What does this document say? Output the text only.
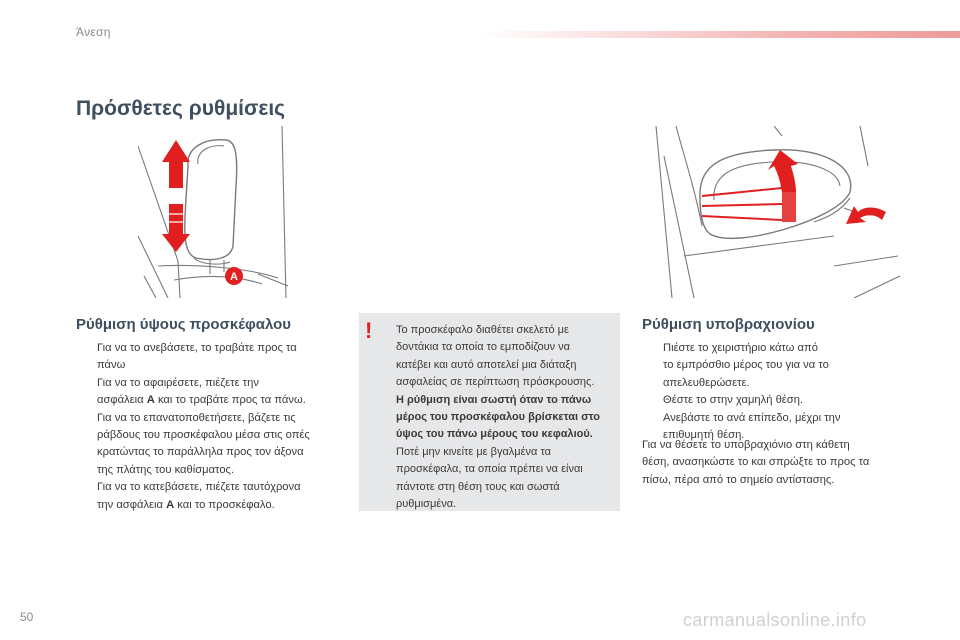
Άνεση
Πρόσθετες ρυθμίσεις
A
Ρύθμιση ύψους προσκέφαλου
Για να το ανεβάσετε, το τραβάτε προς τα
πάνω
Για να το αφαιρέσετε, πιέζετε την
ασφάλεια A και το τραβάτε προς τα πάνω.
Για να το επανατοποθετήσετε, βάζετε τις
ράβδους του προσκέφαλου μέσα στις οπές
κρατώντας το παράλληλα προς τον άξονα
της πλάτης του καθίσματος.
Για να το κατεβάσετε, πιέζετε ταυτόχρονα
την ασφάλεια A και το προσκέφαλο.
! Το προσκέφαλο διαθέτει σκελετό με
δοντάκια τα οποία το εμποδίζουν να
κατέβει και αυτό αποτελεί μια διάταξη
ασφαλείας σε περίπτωση πρόσκρουσης.
Η ρύθμιση είναι σωστή όταν το πάνω
μέρος του προσκέφαλου βρίσκεται στο
ύψος του πάνω μέρους του κεφαλιού.
Ποτέ μην κινείτε με βγαλμένα τα
προσκέφαλα, τα οποία πρέπει να είναι
πάντοτε στη θέση τους και σωστά
ρυθμισμένα.
Ρύθμιση υποβραχιονίου
Πιέστε το χειριστήριο κάτω από
το εμπρόσθιο μέρος του για να το
απελευθερώσετε.
Θέστε το στην χαμηλή θέση.
Ανεβάστε το ανά επίπεδο, μέχρι την
επιθυμητή θέση.
Για να θέσετε το υποβραχιόνιο στη κάθετη
θέση, ανασηκώστε το και σπρώξτε το προς τα
πίσω, πέρα από το σημείο αντίστασης.
50	carmanualsonline.info
